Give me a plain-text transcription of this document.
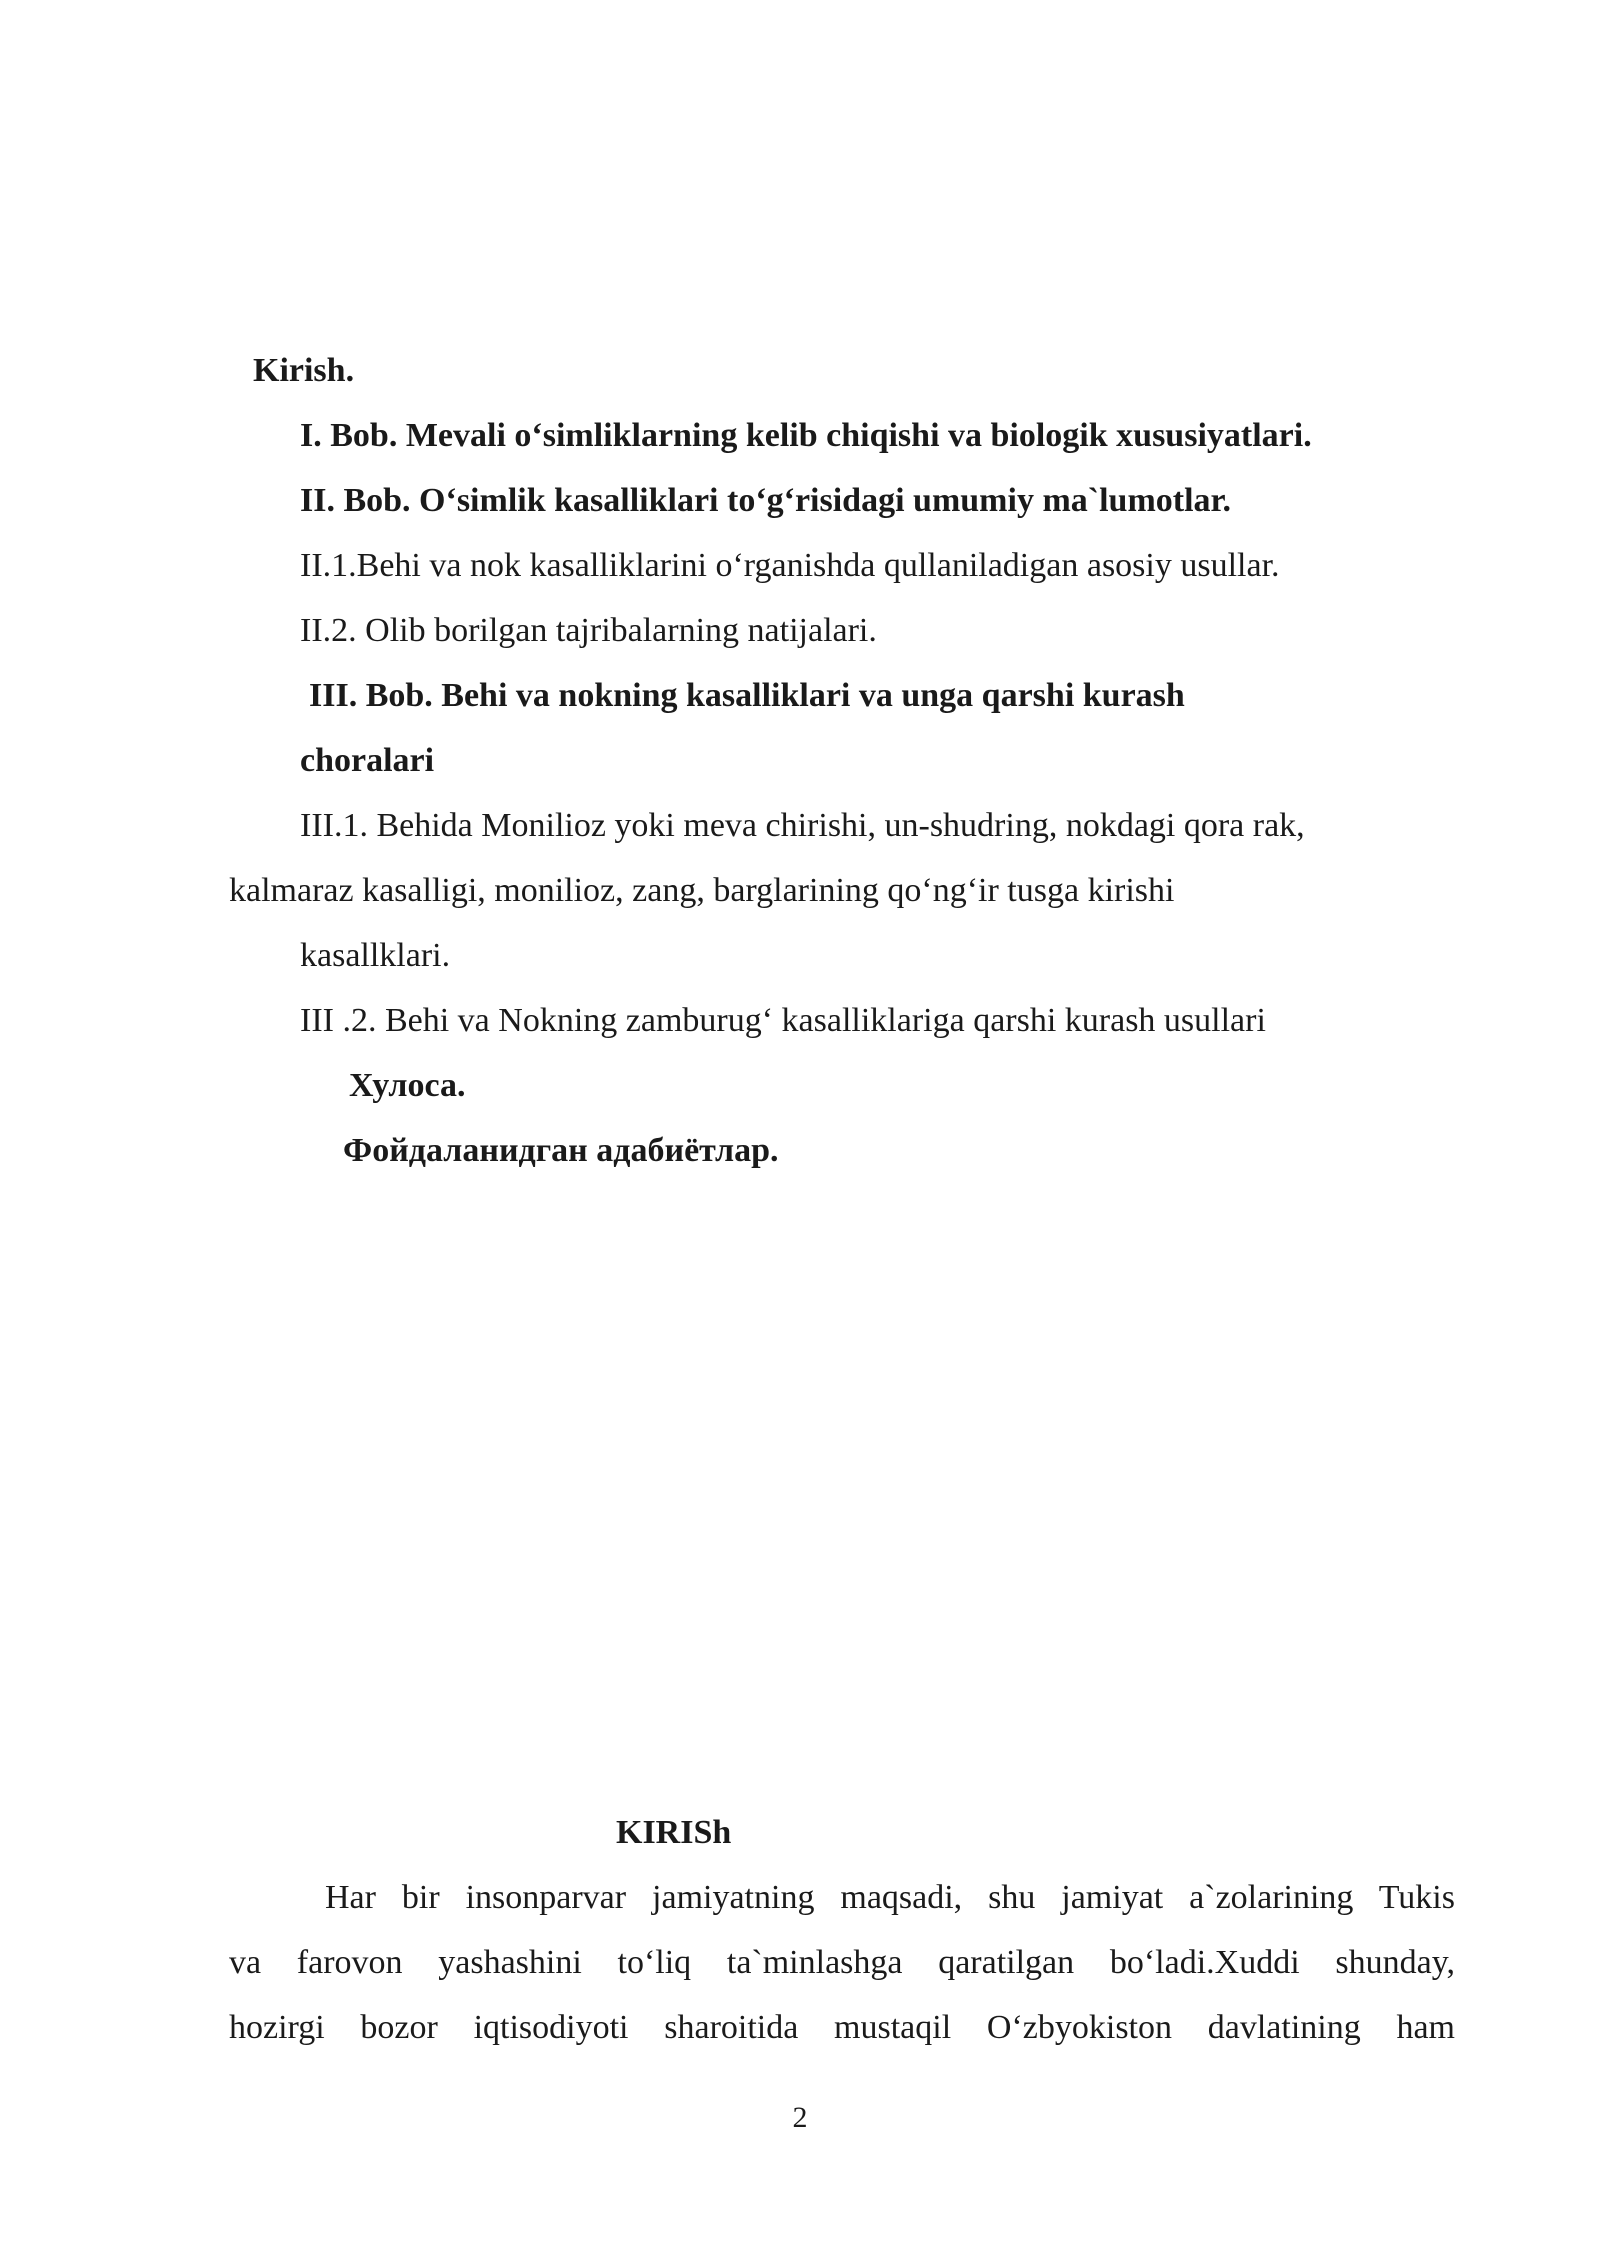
Kirish.
I. Bob. Mevali o‘simliklarning kelib chiqishi va biologik xususiyatlari.
II. Bob. O‘simlik kasalliklari to‘g‘risidagi umumiy ma`lumotlar.
II.1.Behi va nok kasalliklarini o‘rganishda qullaniladigan asosiy usullar.
II.2. Olib borilgan tajribalarning natijalari.
III. Bob. Behi va nokning kasalliklari va unga qarshi kurash
choralari
III.1. Behida Monilioz yoki meva chirishi, un-shudring, nokdagi qora rak,
kalmaraz kasalligi, monilioz, zang, barglarining qo‘ng‘ir tusga kirishi
kasallklari.
III .2. Behi va Nokning zamburug‘ kasalliklariga qarshi kurash usullari
Хулоса.
Фойдаланидган адабиётлар.
KIRISh
Har bir insonparvar jamiyatning maqsadi, shu jamiyat a`zolarining Tukis
va farovon yashashini to‘liq ta`minlashga qaratilgan bo‘ladi.Xuddi shunday,
hozirgi bozor iqtisodiyoti sharoitida mustaqil O‘zbyokiston davlatining ham
2
